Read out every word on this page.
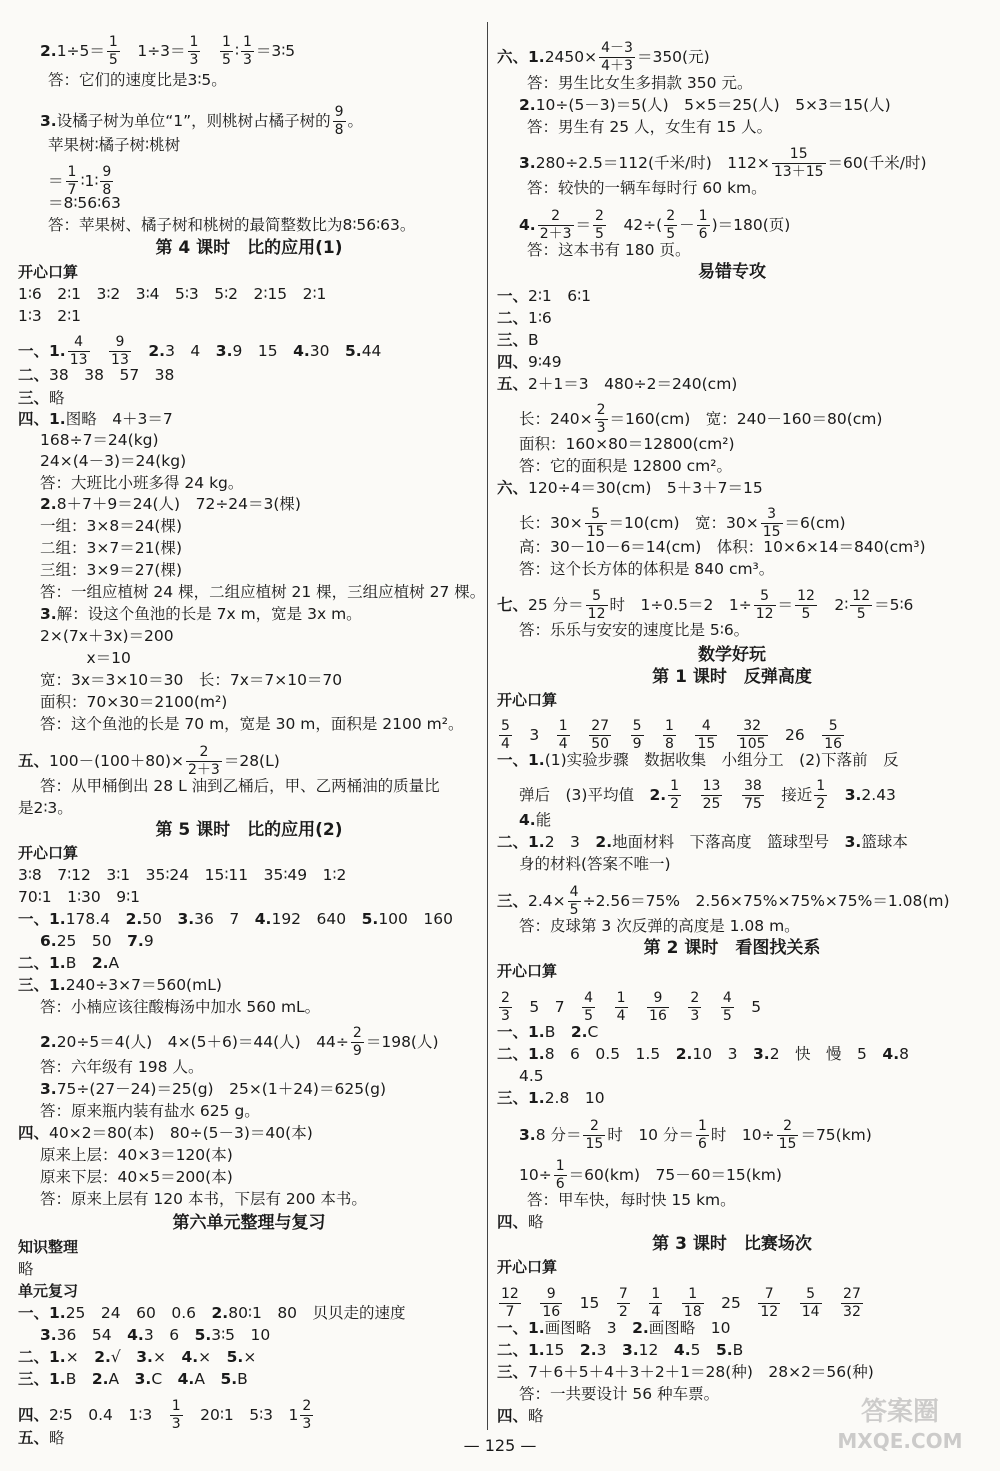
$2.1\div 5= \frac{1}{5}$ 　$1\div 3= \frac{1}{3}$
　 $\frac{1}{5}$ ∶ $\frac{1}{3}$ ＝3∶5
答：它们的速度比是3∶5。
3.设橘子树为单位“1”，则桃树占橘子树的 $\frac{9}{8}$ 。
苹果树∶橘子树∶桃树
＝ $\frac{1}{7}$ ∶1∶ $\frac{9}{8}$
＝8∶56∶63
答：苹果树、橘子树和桃树的最简整数比为8∶56∶63。
第 4 课时　比的应用(1)
开心口算
1∶6　2∶1　3∶2　3∶4　5∶3　5∶2　2∶15　2∶1
1∶3　2∶1
一、1. $\frac{4}{13}$
　 $\frac{9}{13}$
　 2.3　4　3.9　15　4.30　5.44
二、38　38　57　38
三、略
四、1.图略　4＋3＝7
168÷7＝24(kg)
24×(4－3)＝24(kg)
答：大班比小班多得 24 kg。
2.8＋7＋9＝24(人)　72÷24＝3(棵)
一组：3×8＝24(棵)
二组：3×7＝21(棵)
三组：3×9＝27(棵)
答：一组应植树 24 棵，二组应植树 21 棵，三组应植树 27 棵。
3.解：设这个鱼池的长是 7x m，宽是 3x m。
2×(7x＋3x)＝200
　　　x＝10
宽：3x＝3×10＝30　长：7x＝7×10＝70
面积：70×30＝2100(m²)
答：这个鱼池的长是 70 m，宽是 30 m，面积是 2100 m²。
五、$100-(100+80)\times \frac{2}{2+3} =28(L)$
答：从甲桶倒出 28 L 油到乙桶后，甲、乙两桶油的质量比
是2∶3。
第 5 课时　比的应用(2)
开心口算
3∶8　7∶12　3∶1　35∶24　15∶11　35∶49　1∶2
70∶1　1∶30　9∶1
一、1.178.4　2.50　3.36　7　4.192　640　5.100　160
6.25　50　7.9
二、1.B　2.A
三、1.240÷3×7＝560(mL)
答：小楠应该往酸梅汤中加水 560 mL。
2.20÷5＝4(人)　4×(5＋6)＝44(人)　$44\div \frac{2}{9} =198$(人)
答：六年级有 198 人。
3.75÷(27－24)＝25(g)　25×(1＋24)＝625(g)
答：原来瓶内装有盐水 625 g。
四、40×2＝80(本)　80÷(5－3)＝40(本)
原来上层：40×3＝120(本)
原来下层：40×5＝200(本)
答：原来上层有 120 本书，下层有 200 本书。
第六单元整理与复习
知识整理
略
单元复习
一、1.25　24　60　0.6　2.80∶1　80　贝贝走的速度
3.36　54　4.3　6　5.3∶5　10
二、1.×　2.√　3.×　4.×　5.×
三、1.B　2.A　3.C　4.A　5.B
四、2∶5　0.4　1∶3　 $\frac{1}{3}$ 　20∶1　5∶3　$1 \frac{2}{3}$
五、略
六、$1.2450\times \frac{4-3}{4+3} =350$(元)
答：男生比女生多捐款 350 元。
2.10÷(5－3)＝5(人)　5×5＝25(人)　5×3＝15(人)
答：男生有 25 人，女生有 15 人。
3.280÷2.5＝112(千米/时)　$112\times \frac{15}{13+15} =60$(千米/时)
答：较快的一辆车每时行 60 km。
4. $\frac{2}{2+3} = \frac{2}{5}$ 　$42\div( \frac{2}{5} - \frac{1}{6} )=180$(页)
答：这本书有 180 页。
易错专攻
一、2∶1　6∶1
二、1∶6
三、B
四、9∶49
五、2＋1＝3　480÷2＝240(cm)
长：$240\times \frac{2}{3} =160(cm)$　宽：240－160＝80(cm)
面积：160×80＝12800(cm²)
答：它的面积是 12800 cm²。
六、120÷4＝30(cm)　5＋3＋7＝15
长：$30\times \frac{5}{15} =10(cm)$　宽：$30\times \frac{3}{15} =6(cm)$
高：30－10－6＝14(cm)　体积：10×6×14＝840(cm³)
答：这个长方体的体积是 840 cm³。
七、25 分＝ $\frac{5}{12}$ 时　1÷0.5＝2　$1\div \frac{5}{12} = \frac{12}{5}$ 　2∶ $\frac{12}{5}$ ＝5∶6
答：乐乐与安安的速度比是 5∶6。
数学好玩
第 1 课时　反弹高度
开心口算
$\frac{5}{4}$ 　3　 $\frac{1}{4}$
　 $\frac{27}{50}$
　 $\frac{5}{9}$
　 $\frac{1}{8}$
　 $\frac{4}{15}$
　 $\frac{32}{105}$ 　26　 $\frac{5}{16}$
一、1.(1)实验步骤　数据收集　小组分工　(2)下落前　反
弹后　(3)平均值　2. $\frac{1}{2}$
　 $\frac{13}{25}$
　 $\frac{38}{75}$ 　接近 $\frac{1}{2}$
　 3.2.43
4.能
二、1.2　3　2.地面材料　下落高度　篮球型号　3.篮球本
身的材料(答案不唯一)
三、$2.4\times \frac{4}{5} \div 2.56=75\%$　2.56×75%×75%×75%＝1.08(m)
答：皮球第 3 次反弹的高度是 1.08 m。
第 2 课时　看图找关系
开心口算
$\frac{2}{3}$ 　5　7　 $\frac{4}{5}$
　 $\frac{1}{4}$
　 $\frac{9}{16}$
　 $\frac{2}{3}$
　 $\frac{4}{5}$ 　5
一、1.B　2.C
二、1.8　6　0.5　1.5　2.10　3　3.2　快　慢　5　4.8
4.5
三、1.2.8　10
3.8 分＝ $\frac{2}{15}$ 时　10 分＝ $\frac{1}{6}$ 时　$10\div \frac{2}{15} =75(km)$
$10\div \frac{1}{6} =60(km)$　75－60＝15(km)
答：甲车快，每时快 15 km。
四、略
第 3 课时　比赛场次
开心口算
$\frac{12}{7}$
　 $\frac{9}{16}$ 　15　 $\frac{7}{2}$
　 $\frac{1}{4}$
　 $\frac{1}{18}$ 　25　 $\frac{7}{12}$
　 $\frac{5}{14}$
　 $\frac{27}{32}$
一、1.画图略　3　2.画图略　10
二、1.15　2.3　3.12　4.5　5.B
三、7＋6＋5＋4＋3＋2＋1＝28(种)　28×2＝56(种)
答：一共要设计 56 种车票。
四、略
— 125 —
答案圈
MXQE.COM
